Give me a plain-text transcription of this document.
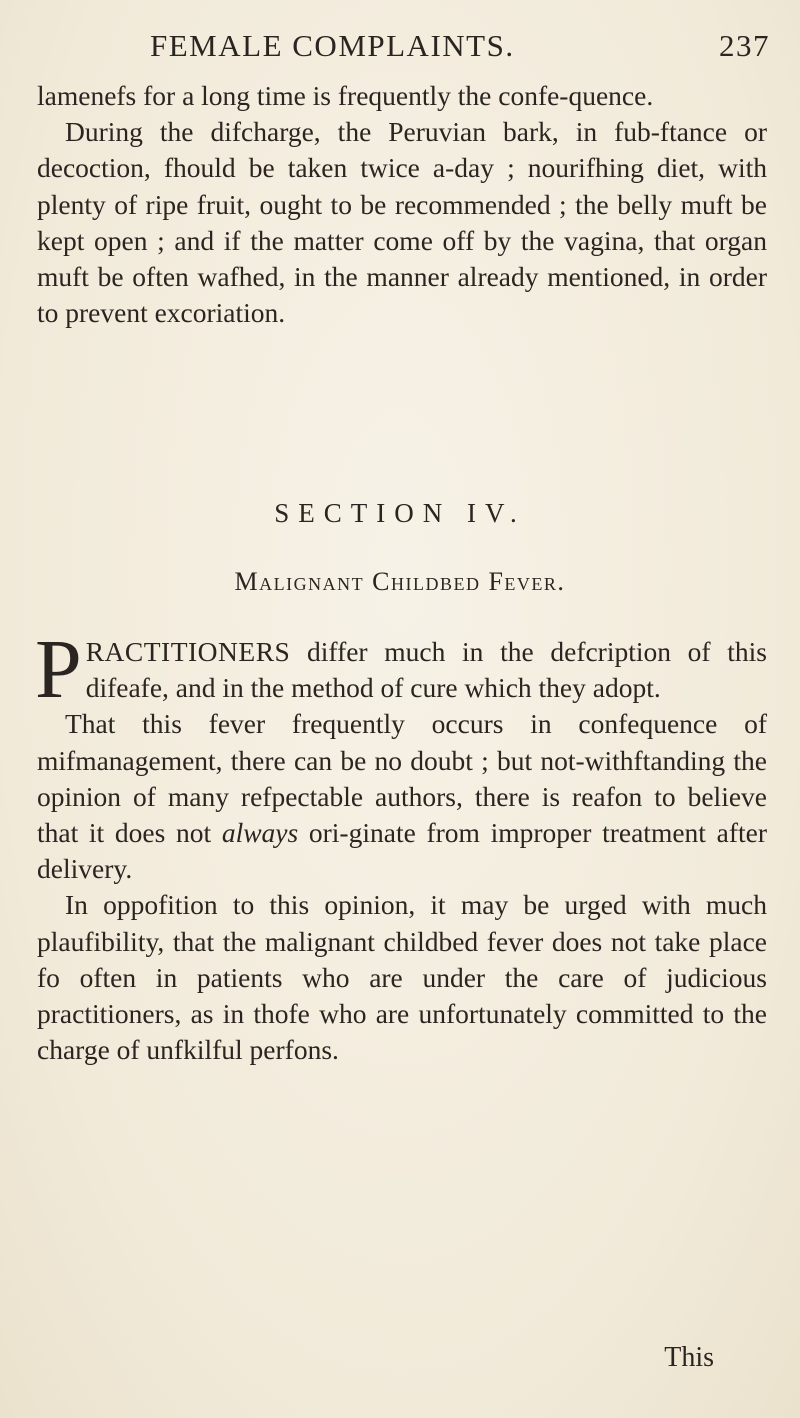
FEMALE COMPLAINTS.	237

lamenefs for a long time is frequently the confe-quence.

During the difcharge, the Peruvian bark, in fub-ftance or decoction, fhould be taken twice a-day ; nourifhing diet, with plenty of ripe fruit, ought to be recommended ; the belly muft be kept open ; and if the matter come off by the vagina, that organ muft be often wafhed, in the manner already mentioned, in order to prevent excoriation.

SECTION IV.
Malignant Childbed Fever.

PRACTITIONERS differ much in the defcription of this difeafe, and in the method of cure which they adopt.

That this fever frequently occurs in confequence of mifmanagement, there can be no doubt ; but not-withftanding the opinion of many refpectable authors, there is reafon to believe that it does not always ori-ginate from improper treatment after delivery.

In oppofition to this opinion, it may be urged with much plaufibility, that the malignant childbed fever does not take place fo often in patients who are under the care of judicious practitioners, as in thofe who are unfortunately committed to the charge of unfkilful perfons.

This
